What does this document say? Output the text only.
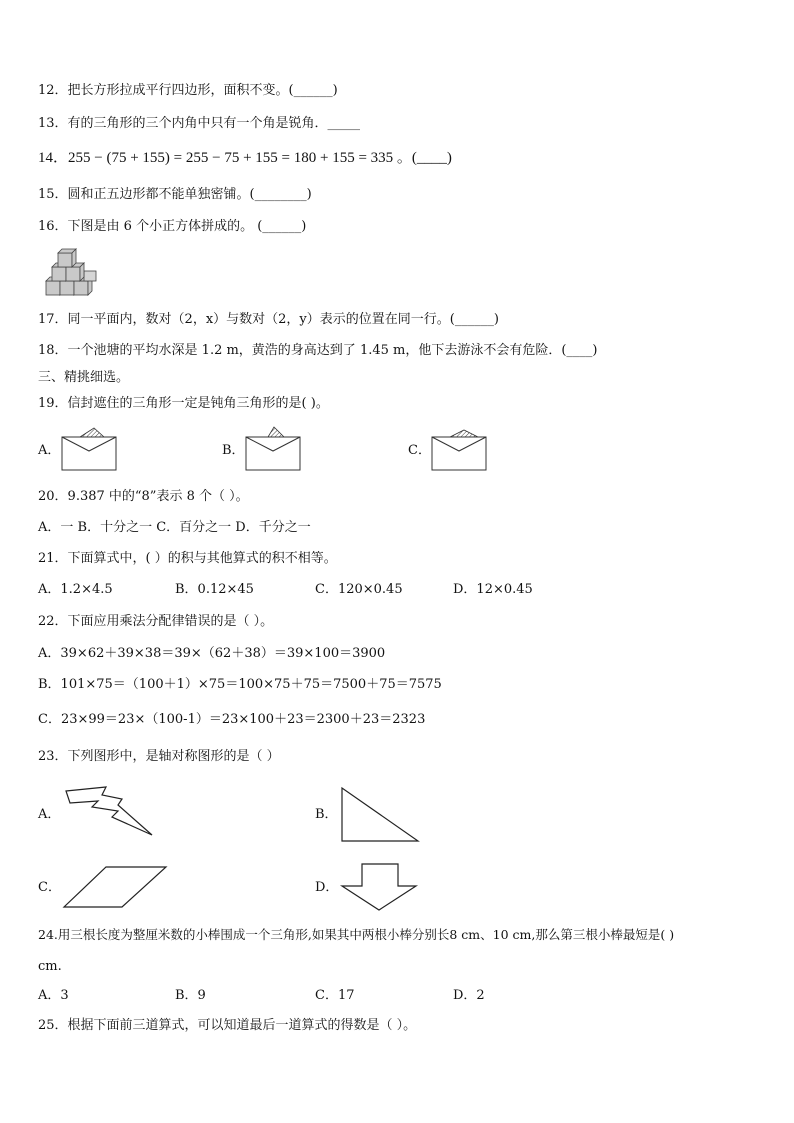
12．把长方形拉成平行四边形，面积不变。(______)
13．有的三角形的三个内角中只有一个角是锐角．_____
14．255 − (75 + 155) = 255 − 75 + 155 = 180 + 155 = 335 。(____)
15．圆和正五边形都不能单独密铺。(________)
16．下图是由 6 个小正方体拼成的。 (______)
17．同一平面内，数对（2，x）与数对（2，y）表示的位置在同一行。(______)
18．一个池塘的平均水深是 1.2 m，黄浩的身高达到了 1.45 m，他下去游泳不会有危险．(____)
三、精挑细选。
19．信封遮住的三角形一定是钝角三角形的是( )。
A．	B．	C．
20．9.387 中的“8”表示 8 个（ ）。
A．一 B．十分之一 C．百分之一 D．千分之一
21．下面算式中，( ）的积与其他算式的积不相等。
A．1.2×4.5	B．0.12×45	C．120×0.45	D．12×0.45
22．下面应用乘法分配律错误的是（ ）。
A．39×62＋39×38＝39×（62＋38）＝39×100＝3900
B．101×75＝（100＋1）×75＝100×75＋75＝7500＋75＝7575
C．23×99＝23×（100-1）＝23×100＋23＝2300＋23＝2323
23．下列图形中，是轴对称图形的是（ ）
A．	B．
C．	D．
24.用三根长度为整厘米数的小棒围成一个三角形,如果其中两根小棒分别长8 cm、10 cm,那么第三根小棒最短是( )
cm.
A．3	B．9	C．17	D．2
25．根据下面前三道算式，可以知道最后一道算式的得数是（ ）。
